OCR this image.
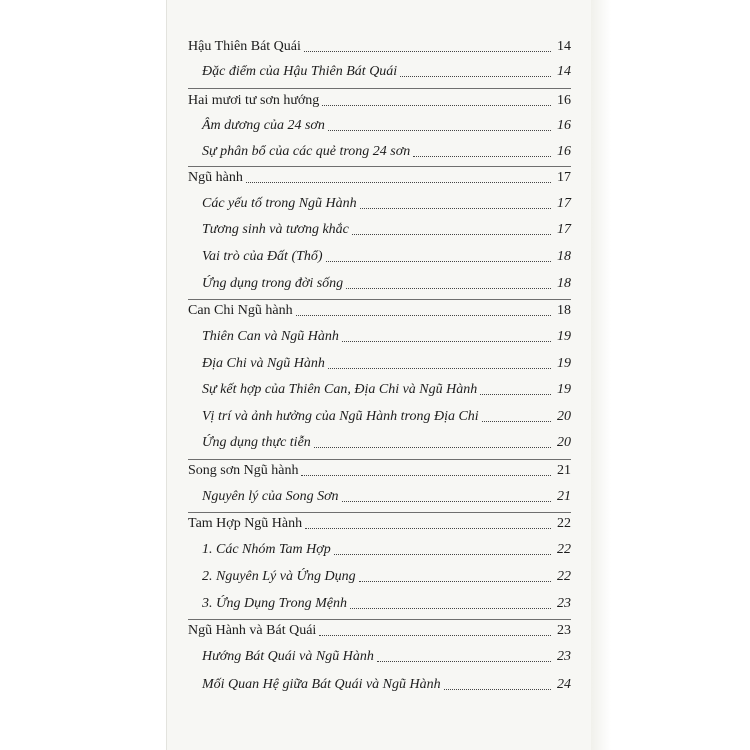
Hậu Thiên Bát Quái	14
Đặc điểm của Hậu Thiên Bát Quái	14
Hai mươi tư sơn hướng	16
Âm dương của 24 sơn	16
Sự phân bổ của các quẻ trong 24 sơn	16
Ngũ hành	17
Các yếu tố trong Ngũ Hành	17
Tương sinh và tương khắc	17
Vai trò của Đất (Thổ)	18
Ứng dụng trong đời sống	18
Can Chi Ngũ hành	18
Thiên Can và Ngũ Hành	19
Địa Chi và Ngũ Hành	19
Sự kết hợp của Thiên Can, Địa Chi và Ngũ Hành	19
Vị trí và ảnh hưởng của Ngũ Hành trong Địa Chi	20
Ứng dụng thực tiễn	20
Song sơn Ngũ hành	21
Nguyên lý của Song Sơn	21
Tam Hợp Ngũ Hành	22
1. Các Nhóm Tam Hợp	22
2. Nguyên Lý và Ứng Dụng	22
3. Ứng Dụng Trong Mệnh	23
Ngũ Hành và Bát Quái	23
Hướng Bát Quái và Ngũ Hành	23
Mối Quan Hệ giữa Bát Quái và Ngũ Hành	24
